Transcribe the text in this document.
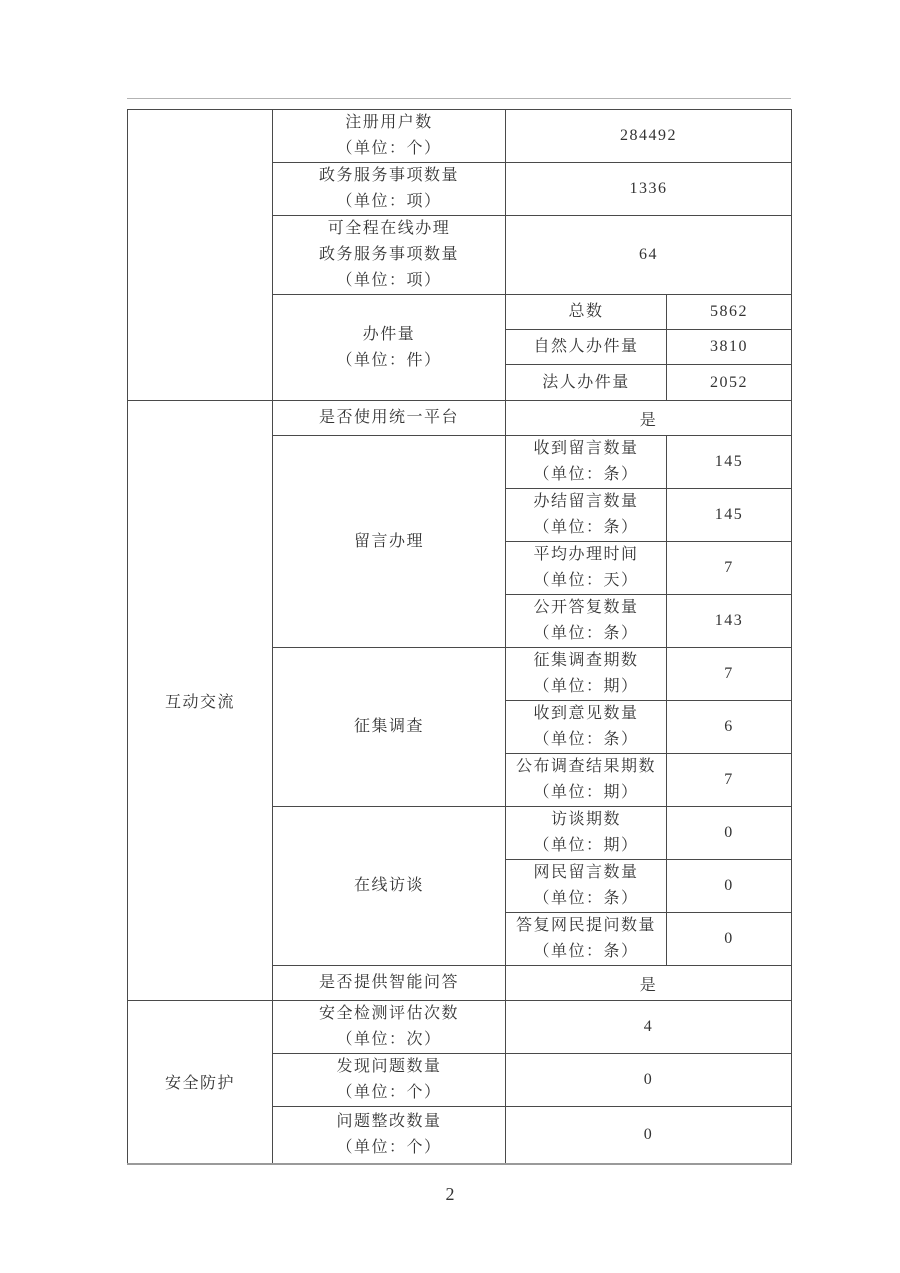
	注册用户数
（单位：个）	284492	

	政务服务事项数量
（单位：项）	1336	

	可全程在线办理
政务服务事项数量
（单位：项）	64	

	办件量
（单位：件）	总数	5862

		自然人办件量	3810

		法人办件量	2052
互动交流	是否使用统一平台	是	

	留言办理	收到留言数量
（单位：条）	145

		办结留言数量
（单位：条）	145

		平均办理时间
（单位：天）	7

		公开答复数量
（单位：条）	143

	征集调查	征集调查期数
（单位：期）	7

		收到意见数量
（单位：条）	6

		公布调查结果期数
（单位：期）	7

	在线访谈	访谈期数
（单位：期）	0

		网民留言数量
（单位：条）	0

		答复网民提问数量
（单位：条）	0

	是否提供智能问答	是	
安全防护	安全检测评估次数
（单位：次）	4	

	发现问题数量
（单位：个）	0	

	问题整改数量
（单位：个）	0	
2
